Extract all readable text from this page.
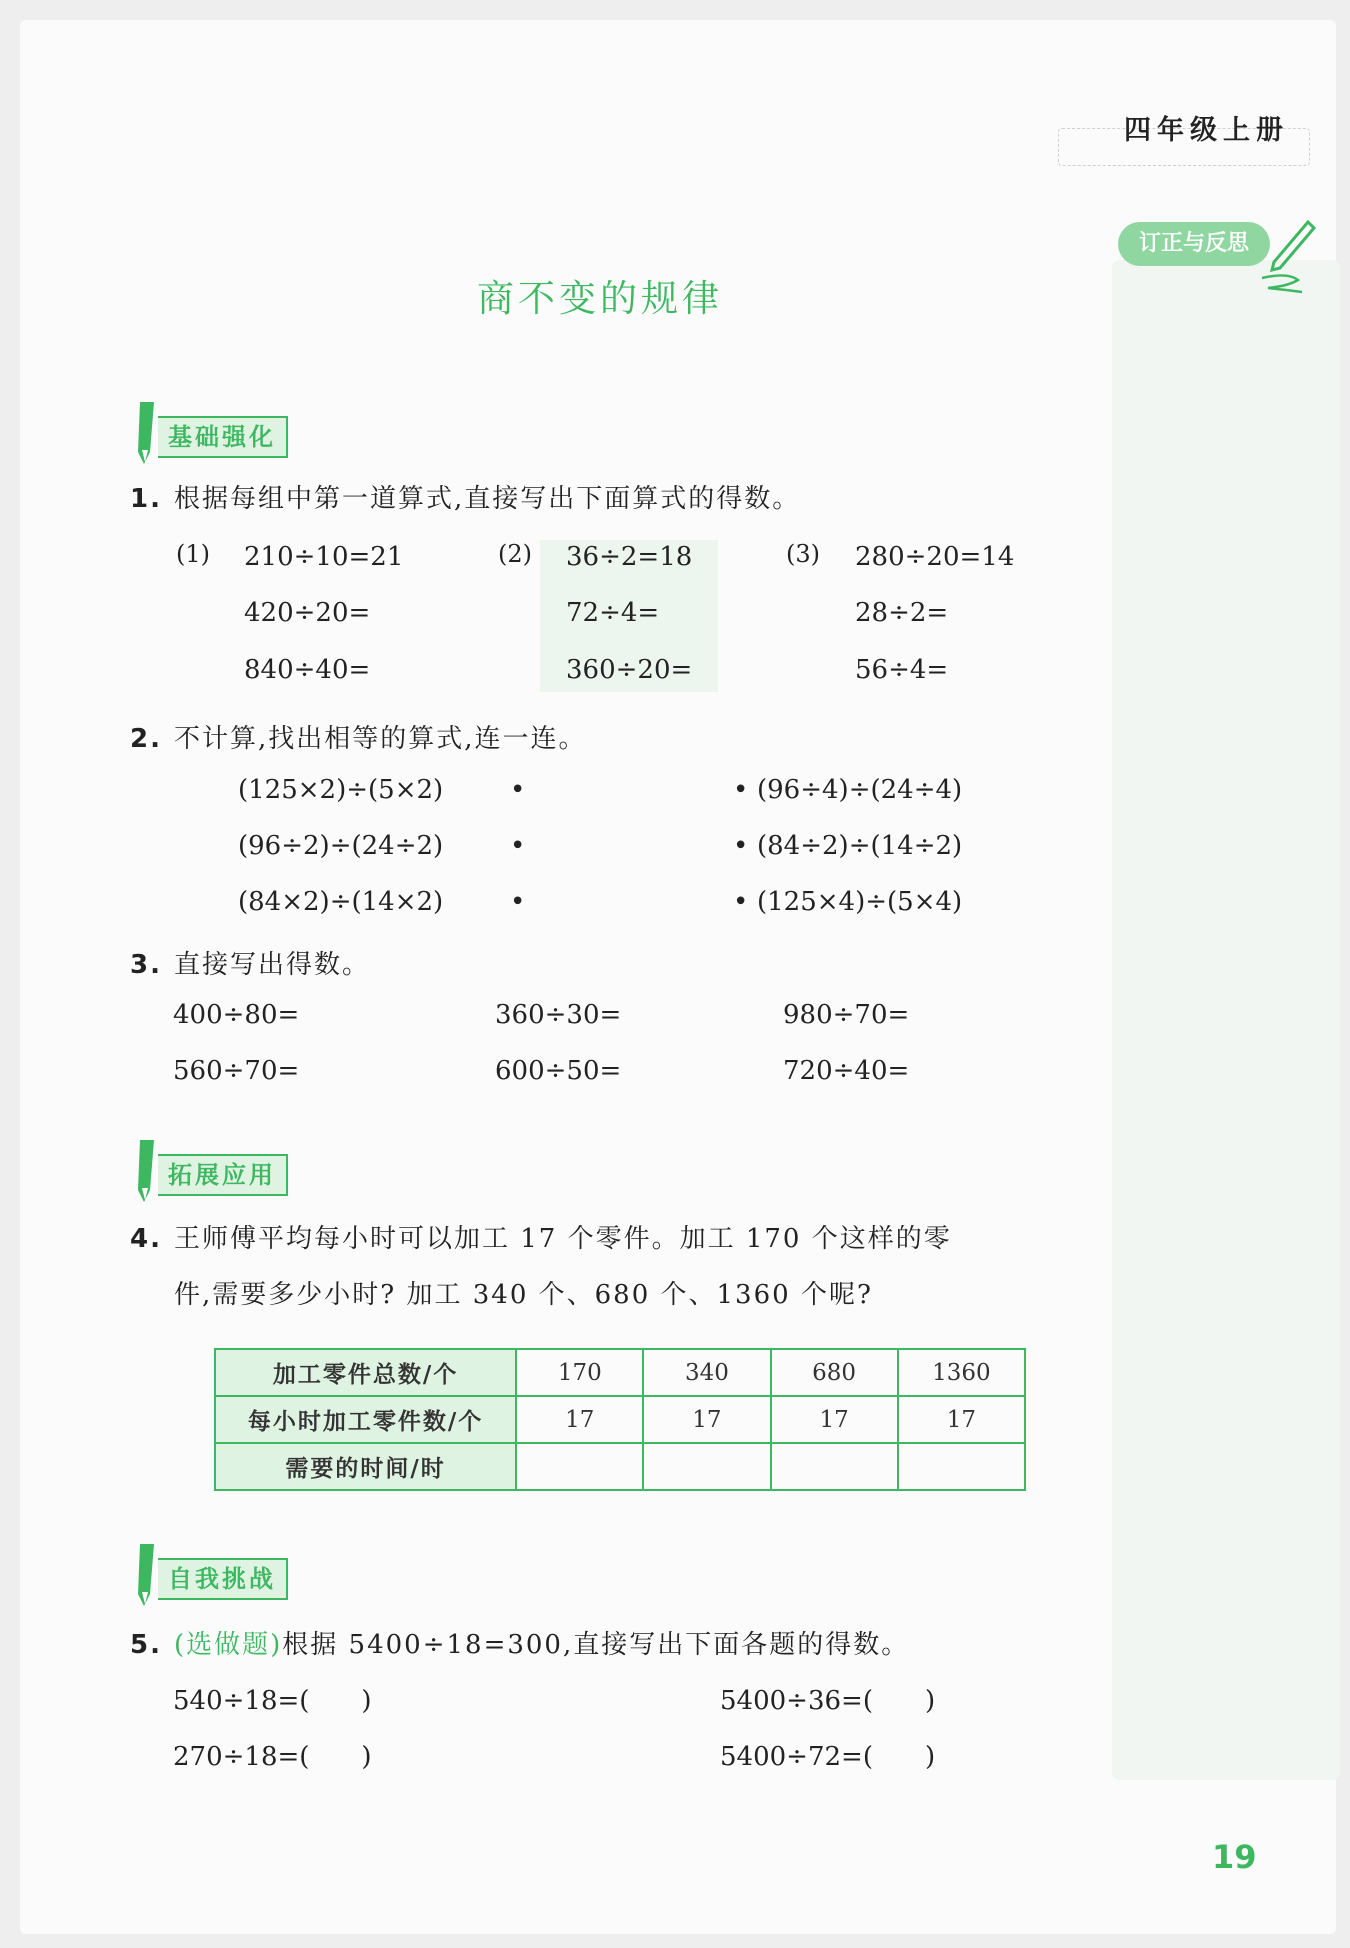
四年级上册
订正与反思
商不变的规律
基础强化
1. 根据每组中第一道算式,直接写出下面算式的得数。
(1) 210÷10=21
420÷20=
840÷40=
(2) 36÷2=18
72÷4=
360÷20=
(3) 280÷20=14
28÷2=
56÷4=
2. 不计算,找出相等的算式,连一连。
(125×2)÷(5×2)
(96÷2)÷(24÷2)
(84×2)÷(14×2)
•
•
•
•
•
•
(96÷4)÷(24÷4)
(84÷2)÷(14÷2)
(125×4)÷(5×4)
3. 直接写出得数。
400÷80=	360÷30=	980÷70=
560÷70=	600÷50=	720÷40=
拓展应用
4. 王师傅平均每小时可以加工 17 个零件。加工 170 个这样的零
件,需要多少小时? 加工 340 个、680 个、1360 个呢?
加工零件总数/个	170	340	680	1360
每小时加工零件数/个	17	17	17	17
需要的时间/时				
自我挑战
5. (选做题)根据 5400÷18=300,直接写出下面各题的得数。
540÷18=(　　)	5400÷36=(　　)
270÷18=(　　)	5400÷72=(　　)
19
